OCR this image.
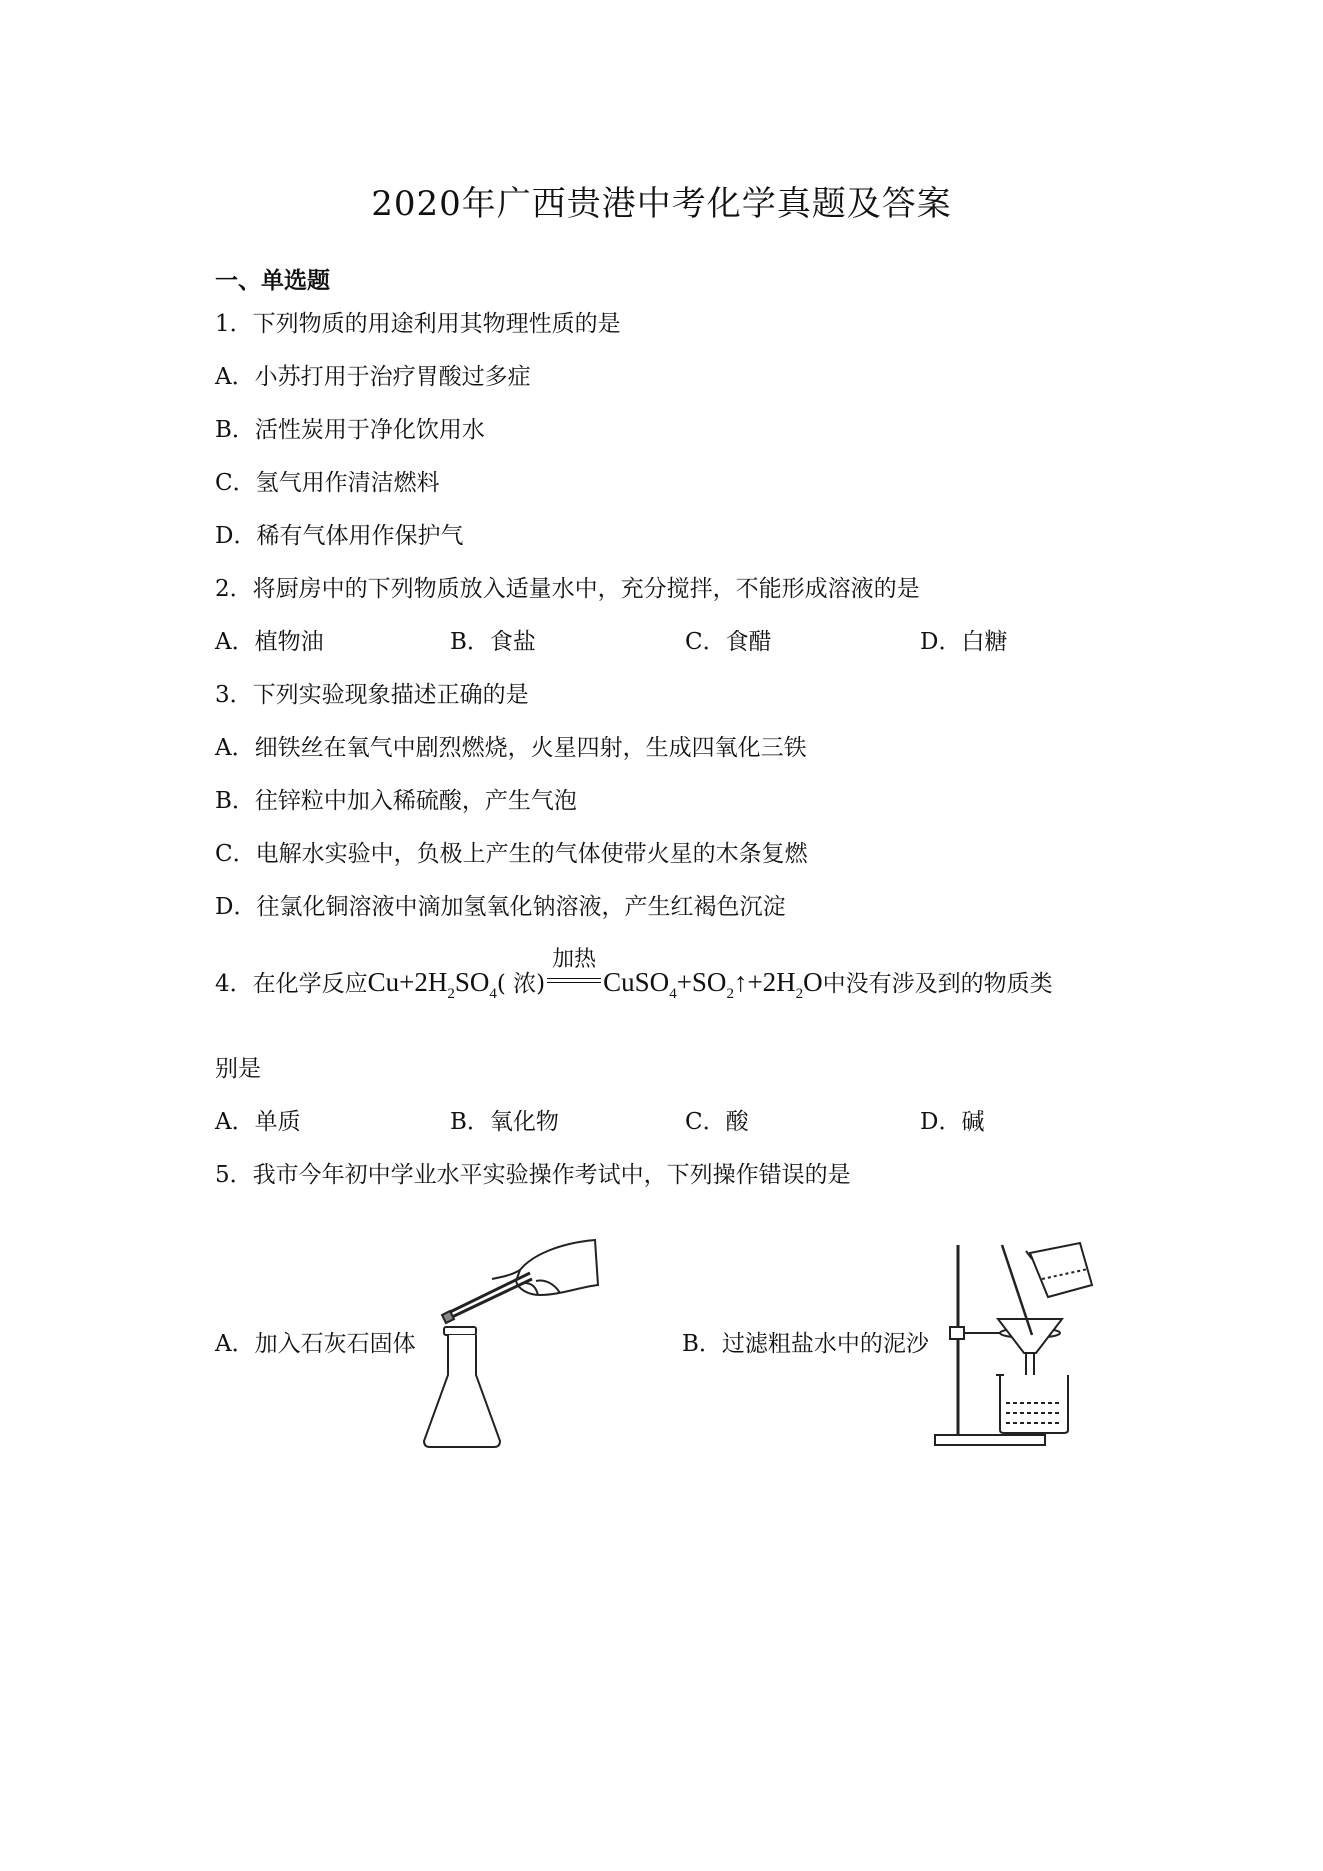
2020年广西贵港中考化学真题及答案
一、单选题
1．下列物质的用途利用其物理性质的是
A．小苏打用于治疗胃酸过多症
B．活性炭用于净化饮用水
C．氢气用作清洁燃料
D．稀有气体用作保护气
2．将厨房中的下列物质放入适量水中，充分搅拌，不能形成溶液的是
A．植物油	B．食盐	C．食醋	D．白糖
3．下列实验现象描述正确的是
A．细铁丝在氧气中剧烈燃烧，火星四射，生成四氧化三铁
B．往锌粒中加入稀硫酸，产生气泡
C．电解水实验中，负极上产生的气体使带火星的木条复燃
D．往氯化铜溶液中滴加氢氧化钠溶液，产生红褐色沉淀
4．在化学反应$Cu+2H_2SO_4$( 浓)
加热
$CuSO_4+SO_2↑+2H_2O$中没有涉及到的物质类
别是
A．单质	B．氧化物	C．酸	D．碱
5．我市今年初中学业水平实验操作考试中，下列操作错误的是
A．加入石灰石固体	B．过滤粗盐水中的泥沙
